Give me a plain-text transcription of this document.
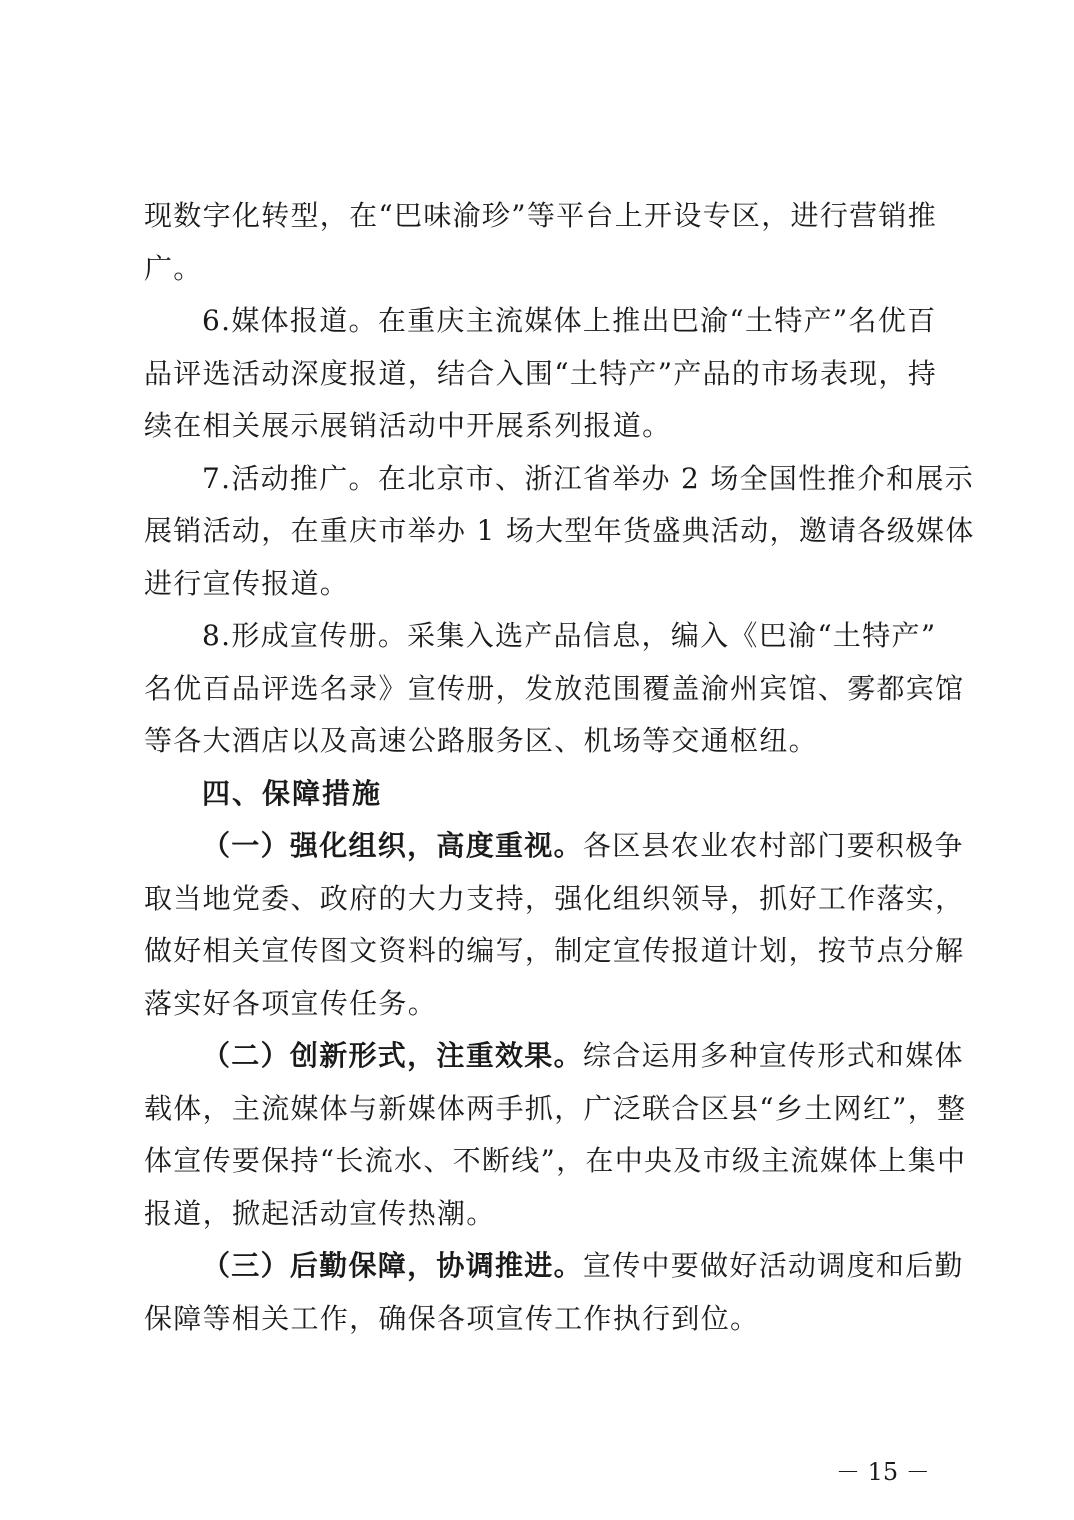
现数字化转型，在“巴味渝珍”等平台上开设专区，进行营销推
广。
6.媒体报道。在重庆主流媒体上推出巴渝“土特产”名优百
品评选活动深度报道，结合入围“土特产”产品的市场表现，持
续在相关展示展销活动中开展系列报道。
7.活动推广。在北京市、浙江省举办 2 场全国性推介和展示
展销活动，在重庆市举办 1 场大型年货盛典活动，邀请各级媒体
进行宣传报道。
8.形成宣传册。采集入选产品信息，编入《巴渝“土特产”
名优百品评选名录》宣传册，发放范围覆盖渝州宾馆、雾都宾馆
等各大酒店以及高速公路服务区、机场等交通枢纽。
四、保障措施
（一）强化组织，高度重视。各区县农业农村部门要积极争
取当地党委、政府的大力支持，强化组织领导，抓好工作落实，
做好相关宣传图文资料的编写，制定宣传报道计划，按节点分解
落实好各项宣传任务。
（二）创新形式，注重效果。综合运用多种宣传形式和媒体
载体，主流媒体与新媒体两手抓，广泛联合区县“乡土网红”，整
体宣传要保持“长流水、不断线”，在中央及市级主流媒体上集中
报道，掀起活动宣传热潮。
（三）后勤保障，协调推进。宣传中要做好活动调度和后勤
保障等相关工作，确保各项宣传工作执行到位。
－ 15 －
